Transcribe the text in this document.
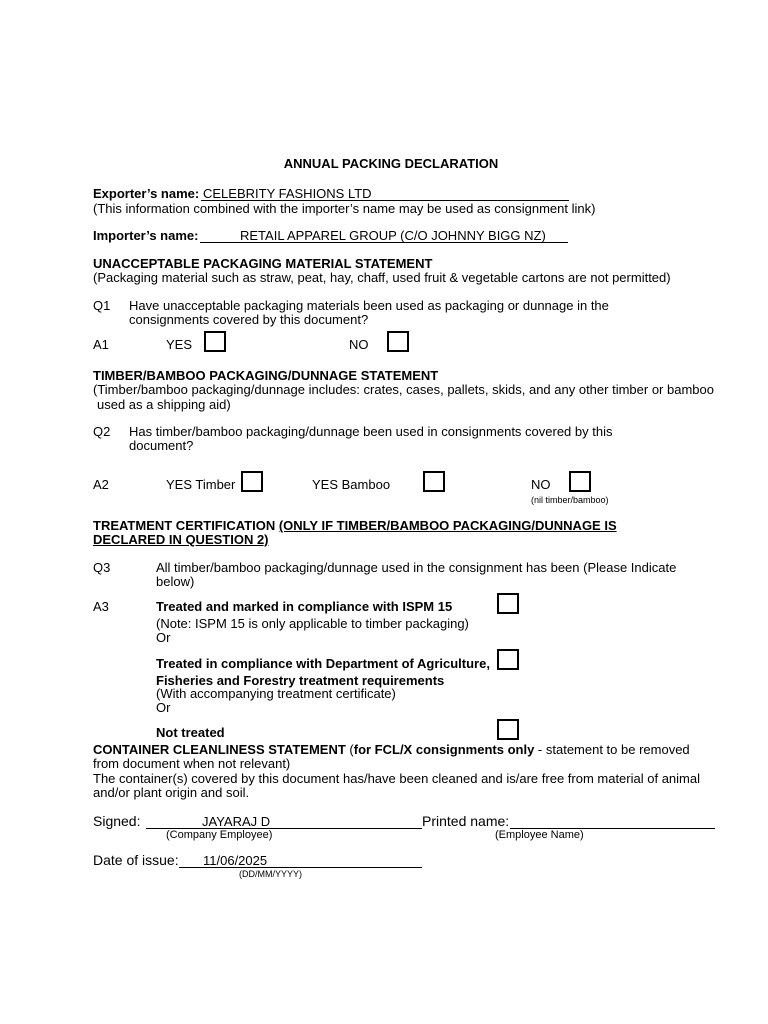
ANNUAL PACKING DECLARATION
Exporter’s name: CELEBRITY FASHIONS LTD
(This information combined with the importer’s name may be used as consignment link)
Importer’s name:	RETAIL APPAREL GROUP (C/O JOHNNY BIGG NZ)
UNACCEPTABLE PACKAGING MATERIAL STATEMENT
(Packaging material such as straw, peat, hay, chaff, used fruit & vegetable cartons are not permitted)
Q1 Have unacceptable packaging materials been used as packaging or dunnage in the
consignments covered by this document?
A1	YES	NO
TIMBER/BAMBOO PACKAGING/DUNNAGE STATEMENT
(Timber/bamboo packaging/dunnage includes: crates, cases, pallets, skids, and any other timber or bamboo
used as a shipping aid)
Q2 Has timber/bamboo packaging/dunnage been used in consignments covered by this
document?
A2	YES Timber	YES Bamboo	NO
(nil timber/bamboo)
TREATMENT CERTIFICATION (ONLY IF TIMBER/BAMBOO PACKAGING/DUNNAGE IS
DECLARED IN QUESTION 2)
Q3	All timber/bamboo packaging/dunnage used in the consignment has been (Please Indicate
below)
A3	Treated and marked in compliance with ISPM 15
(Note: ISPM 15 is only applicable to timber packaging)
Or
Treated in compliance with Department of Agriculture,
Fisheries and Forestry treatment requirements
(With accompanying treatment certificate)
Or
Not treated
CONTAINER CLEANLINESS STATEMENT (for FCL/X consignments only - statement to be removed
from document when not relevant)
The container(s) covered by this document has/have been cleaned and is/are free from material of animal
and/or plant origin and soil.
Signed:	JAYARAJ D
(Company Employee)
Printed name:
(Employee Name)
Date of issue: 11/06/2025
(DD/MM/YYYY)
